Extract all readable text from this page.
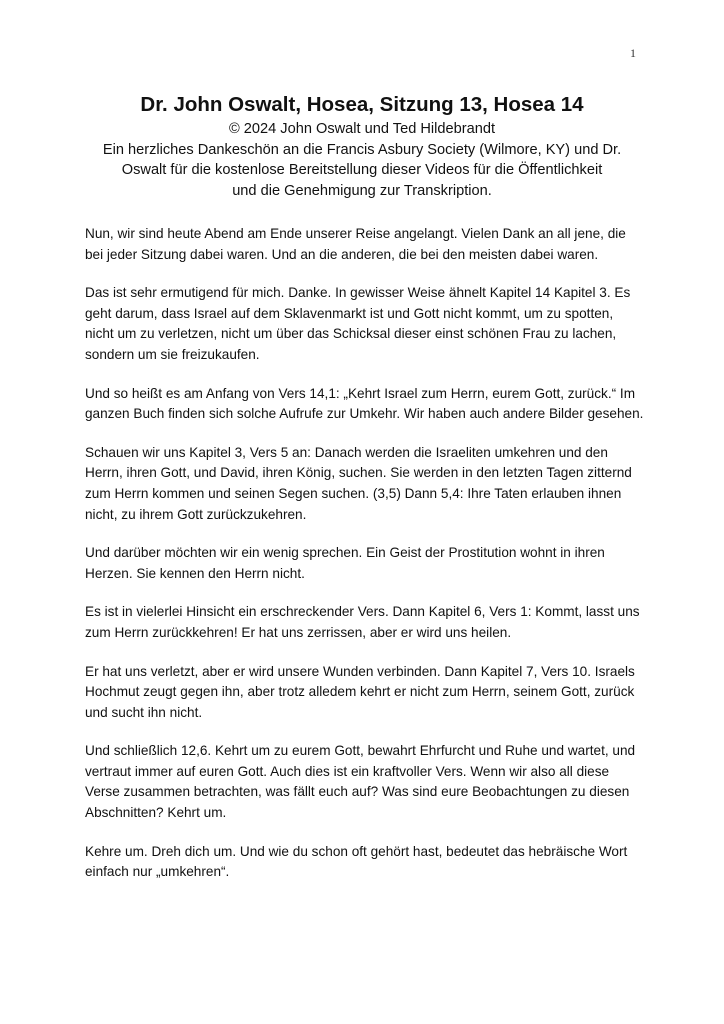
1
Dr. John Oswalt, Hosea, Sitzung 13, Hosea 14

© 2024 John Oswalt und Ted Hildebrandt

Ein herzliches Dankeschön an die Francis Asbury Society (Wilmore, KY) und Dr.

Oswalt für die kostenlose Bereitstellung dieser Videos für die Öffentlichkeit

und die Genehmigung zur Transkription.

Nun, wir sind heute Abend am Ende unserer Reise angelangt. Vielen Dank an all jene, die bei jeder Sitzung dabei waren. Und an die anderen, die bei den meisten dabei waren.

Das ist sehr ermutigend für mich. Danke. In gewisser Weise ähnelt Kapitel 14 Kapitel 3. Es geht darum, dass Israel auf dem Sklavenmarkt ist und Gott nicht kommt, um zu spotten, nicht um zu verletzen, nicht um über das Schicksal dieser einst schönen Frau zu lachen, sondern um sie freizukaufen.

Und so heißt es am Anfang von Vers 14,1: „Kehrt Israel zum Herrn, eurem Gott, zurück.“ Im ganzen Buch finden sich solche Aufrufe zur Umkehr. Wir haben auch andere Bilder gesehen.

Schauen wir uns Kapitel 3, Vers 5 an: Danach werden die Israeliten umkehren und den Herrn, ihren Gott, und David, ihren König, suchen. Sie werden in den letzten Tagen zitternd zum Herrn kommen und seinen Segen suchen. (3,5) Dann 5,4: Ihre Taten erlauben ihnen nicht, zu ihrem Gott zurückzukehren.

Und darüber möchten wir ein wenig sprechen. Ein Geist der Prostitution wohnt in ihren Herzen. Sie kennen den Herrn nicht.

Es ist in vielerlei Hinsicht ein erschreckender Vers. Dann Kapitel 6, Vers 1: Kommt, lasst uns zum Herrn zurückkehren! Er hat uns zerrissen, aber er wird uns heilen.

Er hat uns verletzt, aber er wird unsere Wunden verbinden. Dann Kapitel 7, Vers 10. Israels Hochmut zeugt gegen ihn, aber trotz alledem kehrt er nicht zum Herrn, seinem Gott, zurück und sucht ihn nicht.

Und schließlich 12,6. Kehrt um zu eurem Gott, bewahrt Ehrfurcht und Ruhe und wartet, und vertraut immer auf euren Gott. Auch dies ist ein kraftvoller Vers. Wenn wir also all diese Verse zusammen betrachten, was fällt euch auf? Was sind eure Beobachtungen zu diesen Abschnitten? Kehrt um.

Kehre um. Dreh dich um. Und wie du schon oft gehört hast, bedeutet das hebräische Wort einfach nur „umkehren“.
